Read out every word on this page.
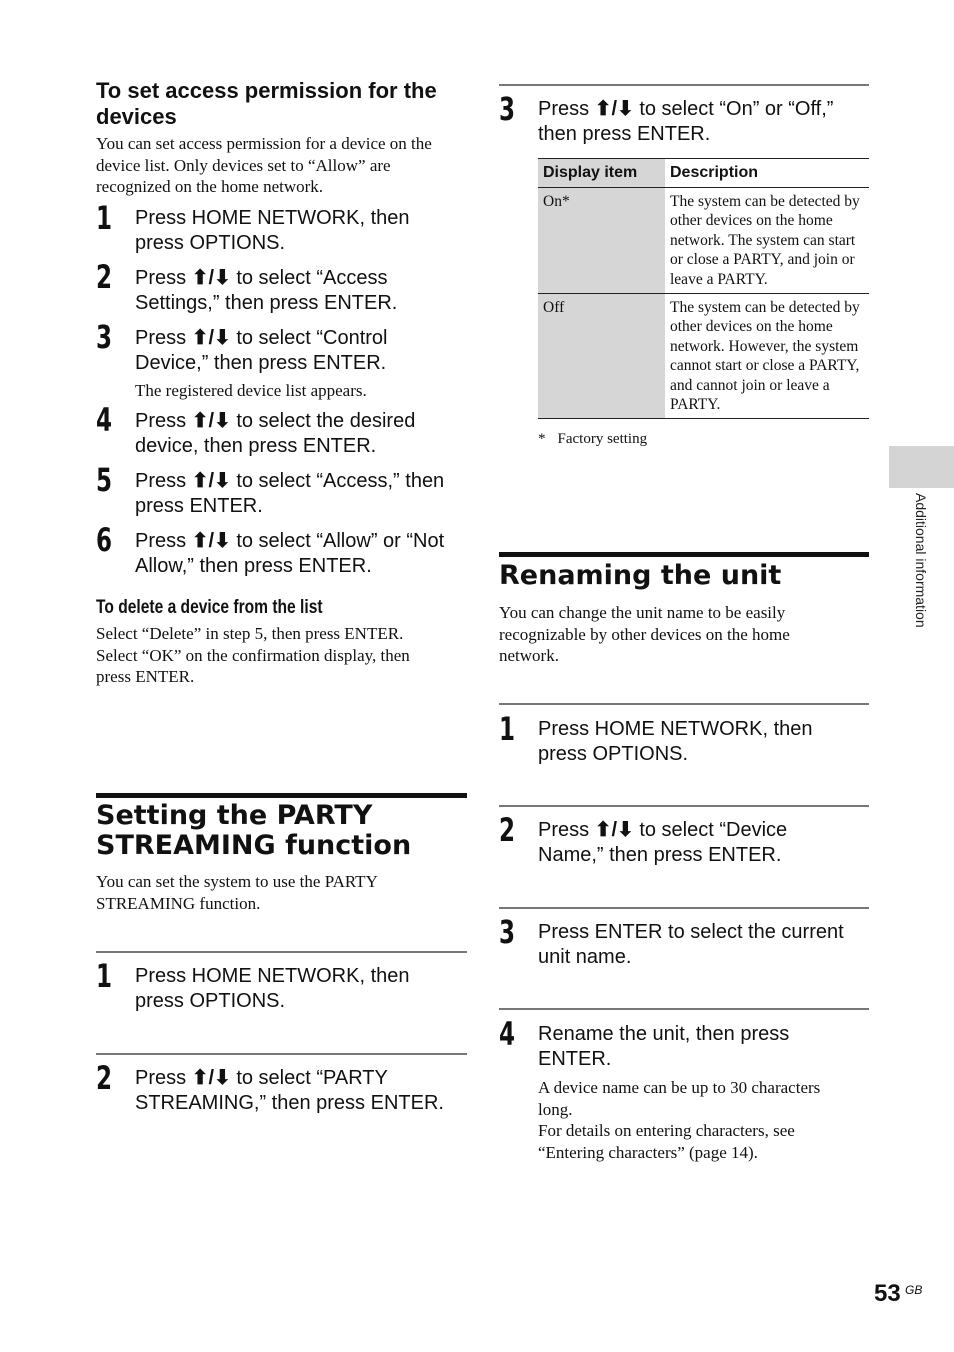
To set access permission for the devices
You can set access permission for a device on the device list. Only devices set to “Allow” are recognized on the home network.
1 Press HOME NETWORK, then press OPTIONS.
2 Press ⬆/⬇ to select “Access Settings,” then press ENTER.
3 Press ⬆/⬇ to select “Control Device,” then press ENTER.
The registered device list appears.
4 Press ⬆/⬇ to select the desired device, then press ENTER.
5 Press ⬆/⬇ to select “Access,” then press ENTER.
6 Press ⬆/⬇ to select “Allow” or “Not Allow,” then press ENTER.
To delete a device from the list
Select “Delete” in step 5, then press ENTER. Select “OK” on the confirmation display, then press ENTER.
Setting the PARTY
STREAMING function
You can set the system to use the PARTY STREAMING function.
1 Press HOME NETWORK, then press OPTIONS.
2 Press ⬆/⬇ to select “PARTY STREAMING,” then press ENTER.
3 Press ⬆/⬇ to select “On” or “Off,” then press ENTER.
Display item	Description
On*	The system can be detected by other devices on the home network. The system can start or close a PARTY, and join or leave a PARTY.
Off	The system can be detected by other devices on the home network. However, the system cannot start or close a PARTY, and cannot join or leave a PARTY.
* Factory setting
Renaming the unit
You can change the unit name to be easily recognizable by other devices on the home network.
1 Press HOME NETWORK, then press OPTIONS.
2 Press ⬆/⬇ to select “Device Name,” then press ENTER.
3 Press ENTER to select the current unit name.
4 Rename the unit, then press ENTER.
A device name can be up to 30 characters long.
For details on entering characters, see “Entering characters” (page 14).
Additional information
53 GB
